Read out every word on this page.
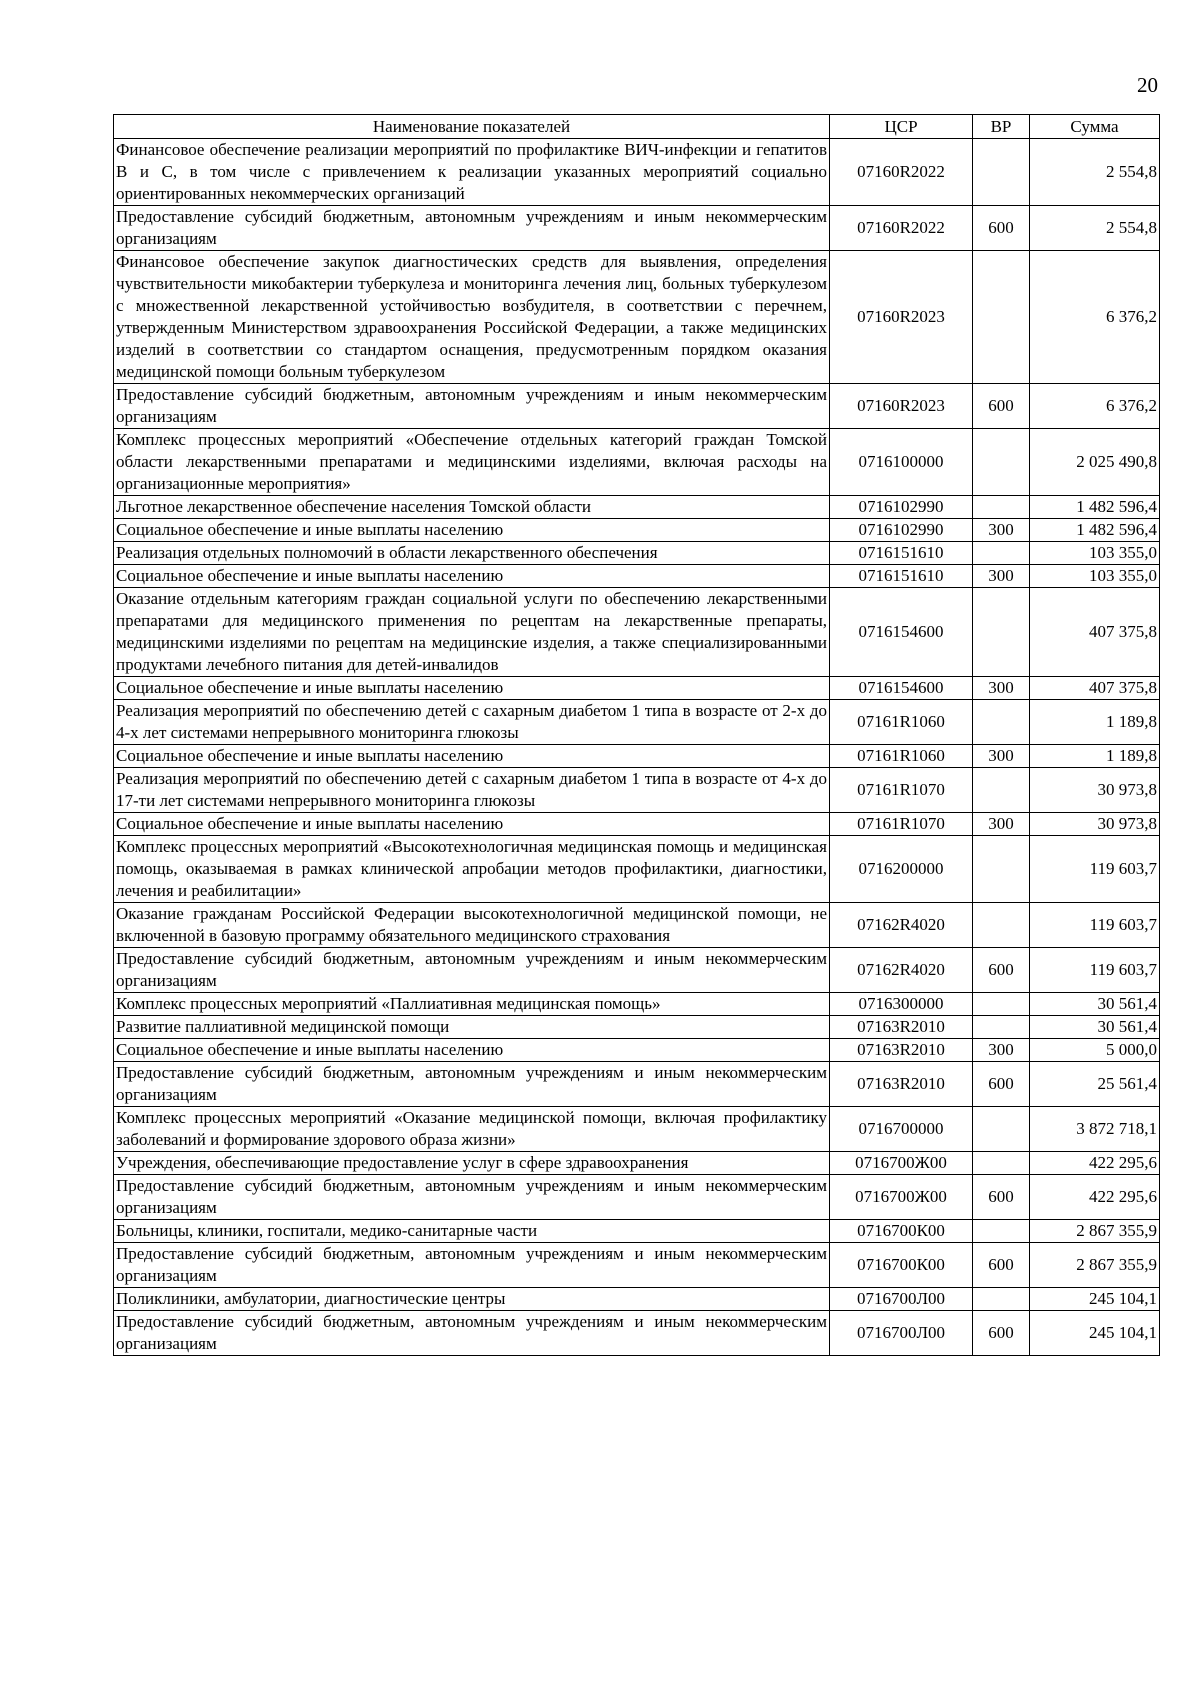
20
Наименование показателей	ЦСР	ВР	Сумма
Финансовое обеспечение реализации мероприятий по профилактике ВИЧ-инфекции и гепатитов В и С, в том числе с привлечением к реализации указанных мероприятий социально ориентированных некоммерческих организаций	07160R2022		2 554,8
Предоставление субсидий бюджетным, автономным учреждениям и иным некоммерческим организациям	07160R2022	600	2 554,8
Финансовое обеспечение закупок диагностических средств для выявления, определения чувствительности микобактерии туберкулеза и мониторинга лечения лиц, больных туберкулезом с множественной лекарственной устойчивостью возбудителя, в соответствии с перечнем, утвержденным Министерством здравоохранения Российской Федерации, а также медицинских изделий в соответствии со стандартом оснащения, предусмотренным порядком оказания медицинской помощи больным туберкулезом	07160R2023		6 376,2
Предоставление субсидий бюджетным, автономным учреждениям и иным некоммерческим организациям	07160R2023	600	6 376,2
Комплекс процессных мероприятий «Обеспечение отдельных категорий граждан Томской области лекарственными препаратами и медицинскими изделиями, включая расходы на организационные мероприятия»	0716100000		2 025 490,8
Льготное лекарственное обеспечение населения Томской области	0716102990		1 482 596,4
Социальное обеспечение и иные выплаты населению	0716102990	300	1 482 596,4
Реализация отдельных полномочий в области лекарственного обеспечения	0716151610		103 355,0
Социальное обеспечение и иные выплаты населению	0716151610	300	103 355,0
Оказание отдельным категориям граждан социальной услуги по обеспечению лекарственными препаратами для медицинского применения по рецептам на лекарственные препараты, медицинскими изделиями по рецептам на медицинские изделия, а также специализированными продуктами лечебного питания для детей-инвалидов	0716154600		407 375,8
Социальное обеспечение и иные выплаты населению	0716154600	300	407 375,8
Реализация мероприятий по обеспечению детей с сахарным диабетом 1 типа в возрасте от 2-х до 4-х лет системами непрерывного мониторинга глюкозы	07161R1060		1 189,8
Социальное обеспечение и иные выплаты населению	07161R1060	300	1 189,8
Реализация мероприятий по обеспечению детей с сахарным диабетом 1 типа в возрасте от 4-х до 17-ти лет системами непрерывного мониторинга глюкозы	07161R1070		30 973,8
Социальное обеспечение и иные выплаты населению	07161R1070	300	30 973,8
Комплекс процессных мероприятий «Высокотехнологичная медицинская помощь и медицинская помощь, оказываемая в рамках клинической апробации методов профилактики, диагностики, лечения и реабилитации»	0716200000		119 603,7
Оказание гражданам Российской Федерации высокотехнологичной медицинской помощи, не включенной в базовую программу обязательного медицинского страхования	07162R4020		119 603,7
Предоставление субсидий бюджетным, автономным учреждениям и иным некоммерческим организациям	07162R4020	600	119 603,7
Комплекс процессных мероприятий «Паллиативная медицинская помощь»	0716300000		30 561,4
Развитие паллиативной медицинской помощи	07163R2010		30 561,4
Социальное обеспечение и иные выплаты населению	07163R2010	300	5 000,0
Предоставление субсидий бюджетным, автономным учреждениям и иным некоммерческим организациям	07163R2010	600	25 561,4
Комплекс процессных мероприятий «Оказание медицинской помощи, включая профилактику заболеваний и формирование здорового образа жизни»	0716700000		3 872 718,1
Учреждения, обеспечивающие предоставление услуг в сфере здравоохранения	0716700Ж00		422 295,6
Предоставление субсидий бюджетным, автономным учреждениям и иным некоммерческим организациям	0716700Ж00	600	422 295,6
Больницы, клиники, госпитали, медико-санитарные части	0716700К00		2 867 355,9
Предоставление субсидий бюджетным, автономным учреждениям и иным некоммерческим организациям	0716700К00	600	2 867 355,9
Поликлиники, амбулатории, диагностические центры	0716700Л00		245 104,1
Предоставление субсидий бюджетным, автономным учреждениям и иным некоммерческим организациям	0716700Л00	600	245 104,1
